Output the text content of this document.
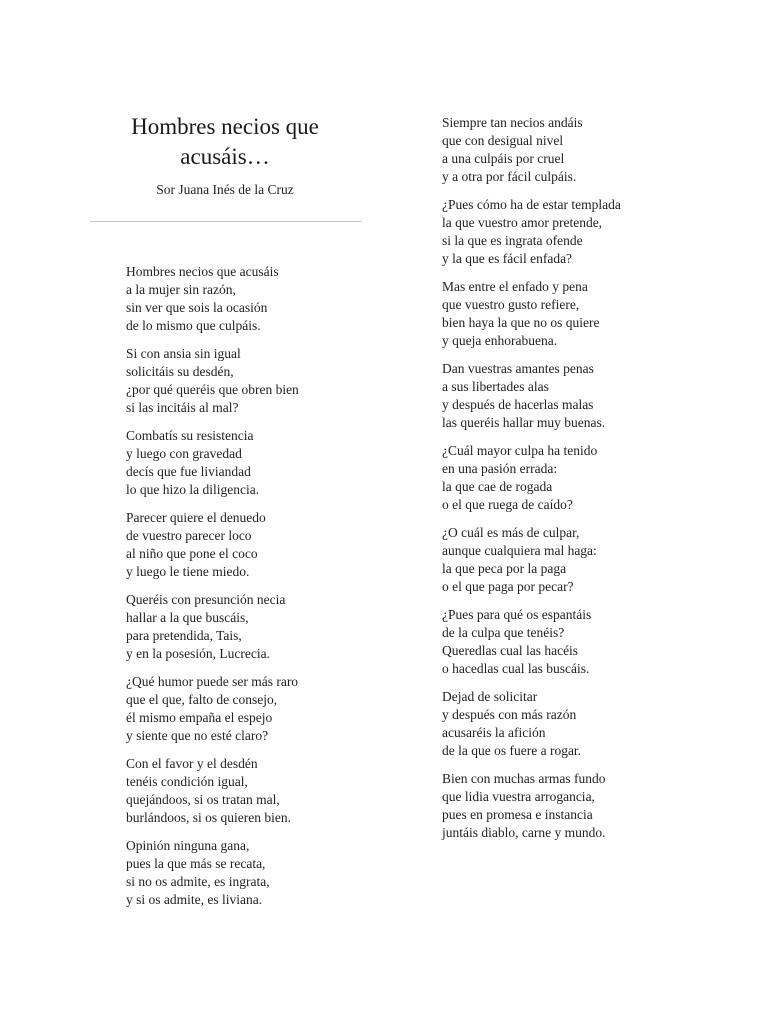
Hombres necios que
acusáis…
Sor Juana Inés de la Cruz
Hombres necios que acusáis
a la mujer sin razón,
sin ver que sois la ocasión
de lo mismo que culpáis.
Si con ansia sin igual
solicitáis su desdén,
¿por qué queréis que obren bien
si las incitáis al mal?
Combatís su resistencia
y luego con gravedad
decís que fue liviandad
lo que hizo la diligencia.
Parecer quiere el denuedo
de vuestro parecer loco
al niño que pone el coco
y luego le tiene miedo.
Queréis con presunción necia
hallar a la que buscáis,
para pretendida, Tais,
y en la posesión, Lucrecia.
¿Qué humor puede ser más raro
que el que, falto de consejo,
él mismo empaña el espejo
y siente que no esté claro?
Con el favor y el desdén
tenéis condición igual,
quejándoos, si os tratan mal,
burlándoos, si os quieren bien.
Opinión ninguna gana,
pues la que más se recata,
si no os admite, es ingrata,
y si os admite, es liviana.
Siempre tan necios andáis
que con desigual nivel
a una culpáis por cruel
y a otra por fácil culpáis.
¿Pues cómo ha de estar templada
la que vuestro amor pretende,
si la que es ingrata ofende
y la que es fácil enfada?
Mas entre el enfado y pena
que vuestro gusto refiere,
bien haya la que no os quiere
y queja enhorabuena.
Dan vuestras amantes penas
a sus libertades alas
y después de hacerlas malas
las queréis hallar muy buenas.
¿Cuál mayor culpa ha tenido
en una pasión errada:
la que cae de rogada
o el que ruega de caído?
¿O cuál es más de culpar,
aunque cualquiera mal haga:
la que peca por la paga
o el que paga por pecar?
¿Pues para qué os espantáis
de la culpa que tenéis?
Queredlas cual las hacéis
o hacedlas cual las buscáis.
Dejad de solicitar
y después con más razón
acusaréis la afición
de la que os fuere a rogar.
Bien con muchas armas fundo
que lidia vuestra arrogancia,
pues en promesa e instancia
juntáis diablo, carne y mundo.
